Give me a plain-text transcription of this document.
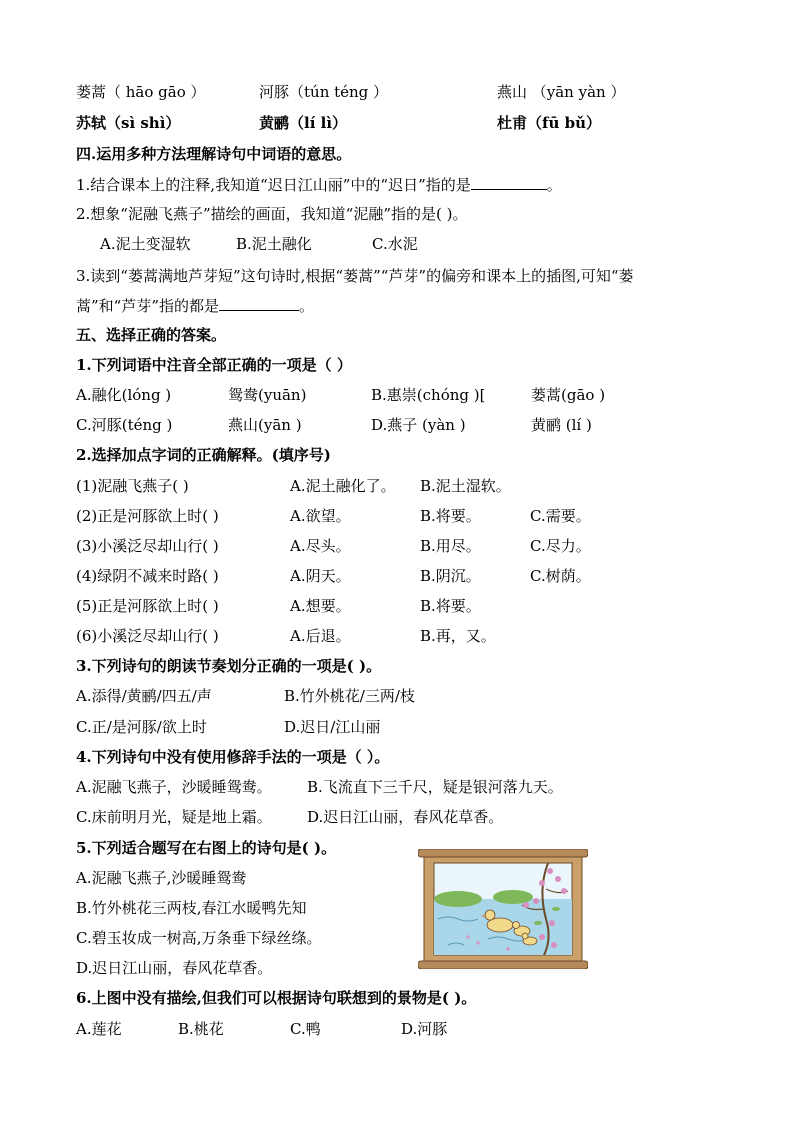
蒌蒿（ hāo gāo ）	河豚（tún téng ）	燕山 （yān yàn ）
苏轼（sì shì）	黄鹂（lí lì）	杜甫（fū bǔ）
四.运用多种方法理解诗句中词语的意思。
1.结合课本上的注释,我知道“迟日江山丽”中的“迟日”指的是	。
2.想象“泥融飞燕子”描绘的画面，我知道“泥融”指的是( )。
A.泥土变湿软	B.泥土融化	C.水泥
3.读到“蒌蒿满地芦芽短”这句诗时,根据“蒌蒿”“芦芽”的偏旁和课本上的插图,可知“蒌
蒿”和“芦芽”指的都是	。
五、选择正确的答案。
1.下列词语中注音全部正确的一项是（ ）
A.融化(lóng )	鸳鸯(yuān)	B.惠崇(chóng )[	蒌蒿(gāo )
C.河豚(téng )	燕山(yān )	D.燕子 (yàn )	黄鹂 (lí )
2.选择加点字词的正确解释。(填序号)
(1)泥融飞燕子( )	A.泥土融化了。 B.泥土湿软。
(2)正是河豚欲上时( )	A.欲望。	B.将要。	C.需要。
(3)小溪泛尽却山行( )	A.尽头。	B.用尽。	C.尽力。
(4)绿阴不减来时路( )	A.阴天。	B.阴沉。	C.树荫。
(5)正是河豚欲上时( )	A.想要。	B.将要。
(6)小溪泛尽却山行( )	A.后退。	B.再，又。
3.下列诗句的朗读节奏划分正确的一项是( )。
A.添得/黄鹂/四五/声	B.竹外桃花/三两/枝
C.正/是河豚/欲上时	D.迟日/江山丽
4.下列诗句中没有使用修辞手法的一项是（ ）。
A.泥融飞燕子，沙暖睡鸳鸯。 B.飞流直下三千尺，疑是银河落九天。
C.床前明月光，疑是地上霜。 D.迟日江山丽，春风花草香。
5.下列适合题写在右图上的诗句是( )。
A.泥融飞燕子,沙暖睡鸳鸯
B.竹外桃花三两枝,春江水暖鸭先知
C.碧玉妆成一树高,万条垂下绿丝绦。
D.迟日江山丽，春风花草香。
6.上图中没有描绘,但我们可以根据诗句联想到的景物是( )。
A.莲花	B.桃花	C.鸭	D.河豚
